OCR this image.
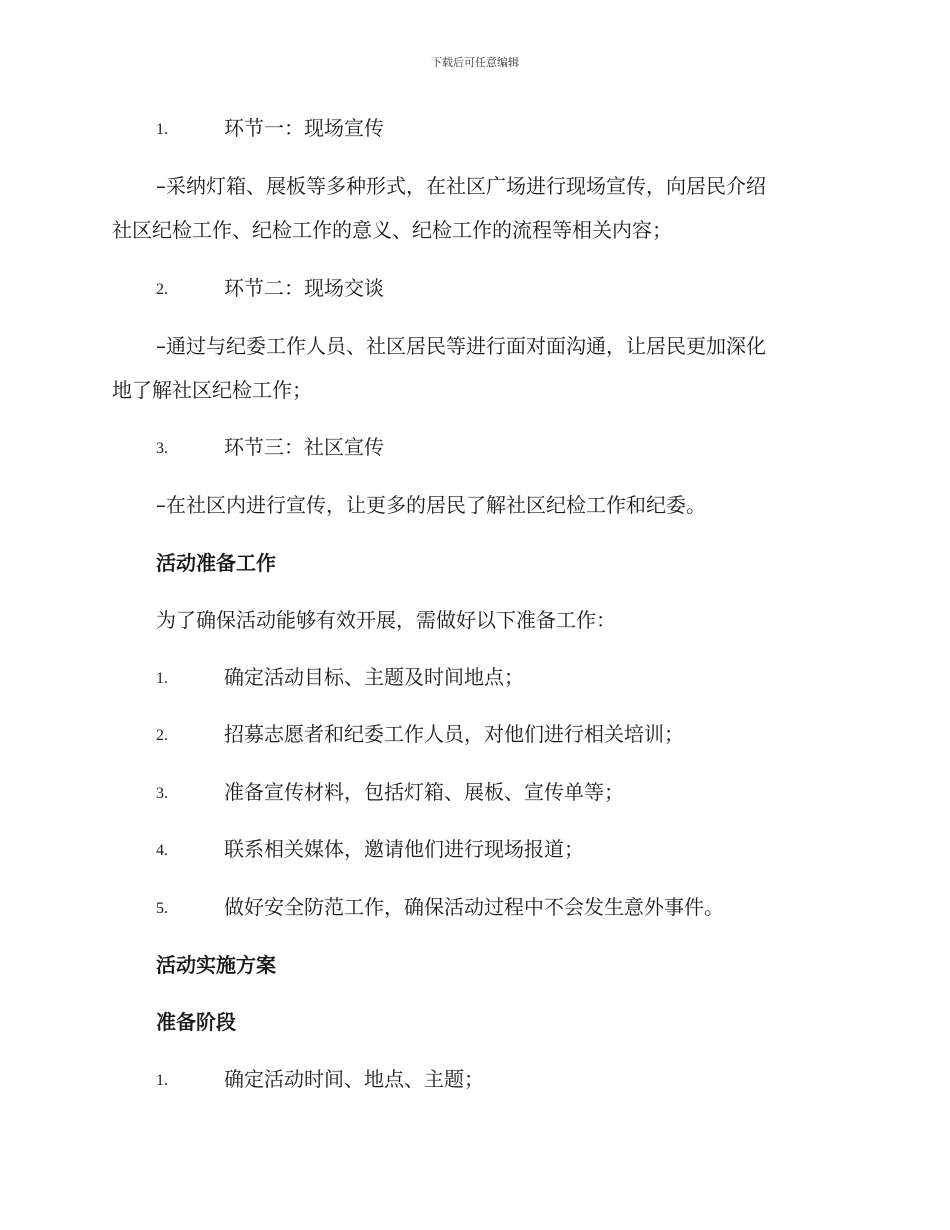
下载后可任意编辑
1.	环节一：现场宣传
–采纳灯箱、展板等多种形式，在社区广场进行现场宣传，向居民介绍
社区纪检工作、纪检工作的意义、纪检工作的流程等相关内容；
2.	环节二：现场交谈
–通过与纪委工作人员、社区居民等进行面对面沟通，让居民更加深化
地了解社区纪检工作；
3.	环节三：社区宣传
–在社区内进行宣传，让更多的居民了解社区纪检工作和纪委。
活动准备工作
为了确保活动能够有效开展，需做好以下准备工作：
1.	确定活动目标、主题及时间地点；
2.	招募志愿者和纪委工作人员，对他们进行相关培训；
3.	准备宣传材料，包括灯箱、展板、宣传单等；
4.	联系相关媒体，邀请他们进行现场报道；
5.	做好安全防范工作，确保活动过程中不会发生意外事件。
活动实施方案
准备阶段
1.	确定活动时间、地点、主题；
